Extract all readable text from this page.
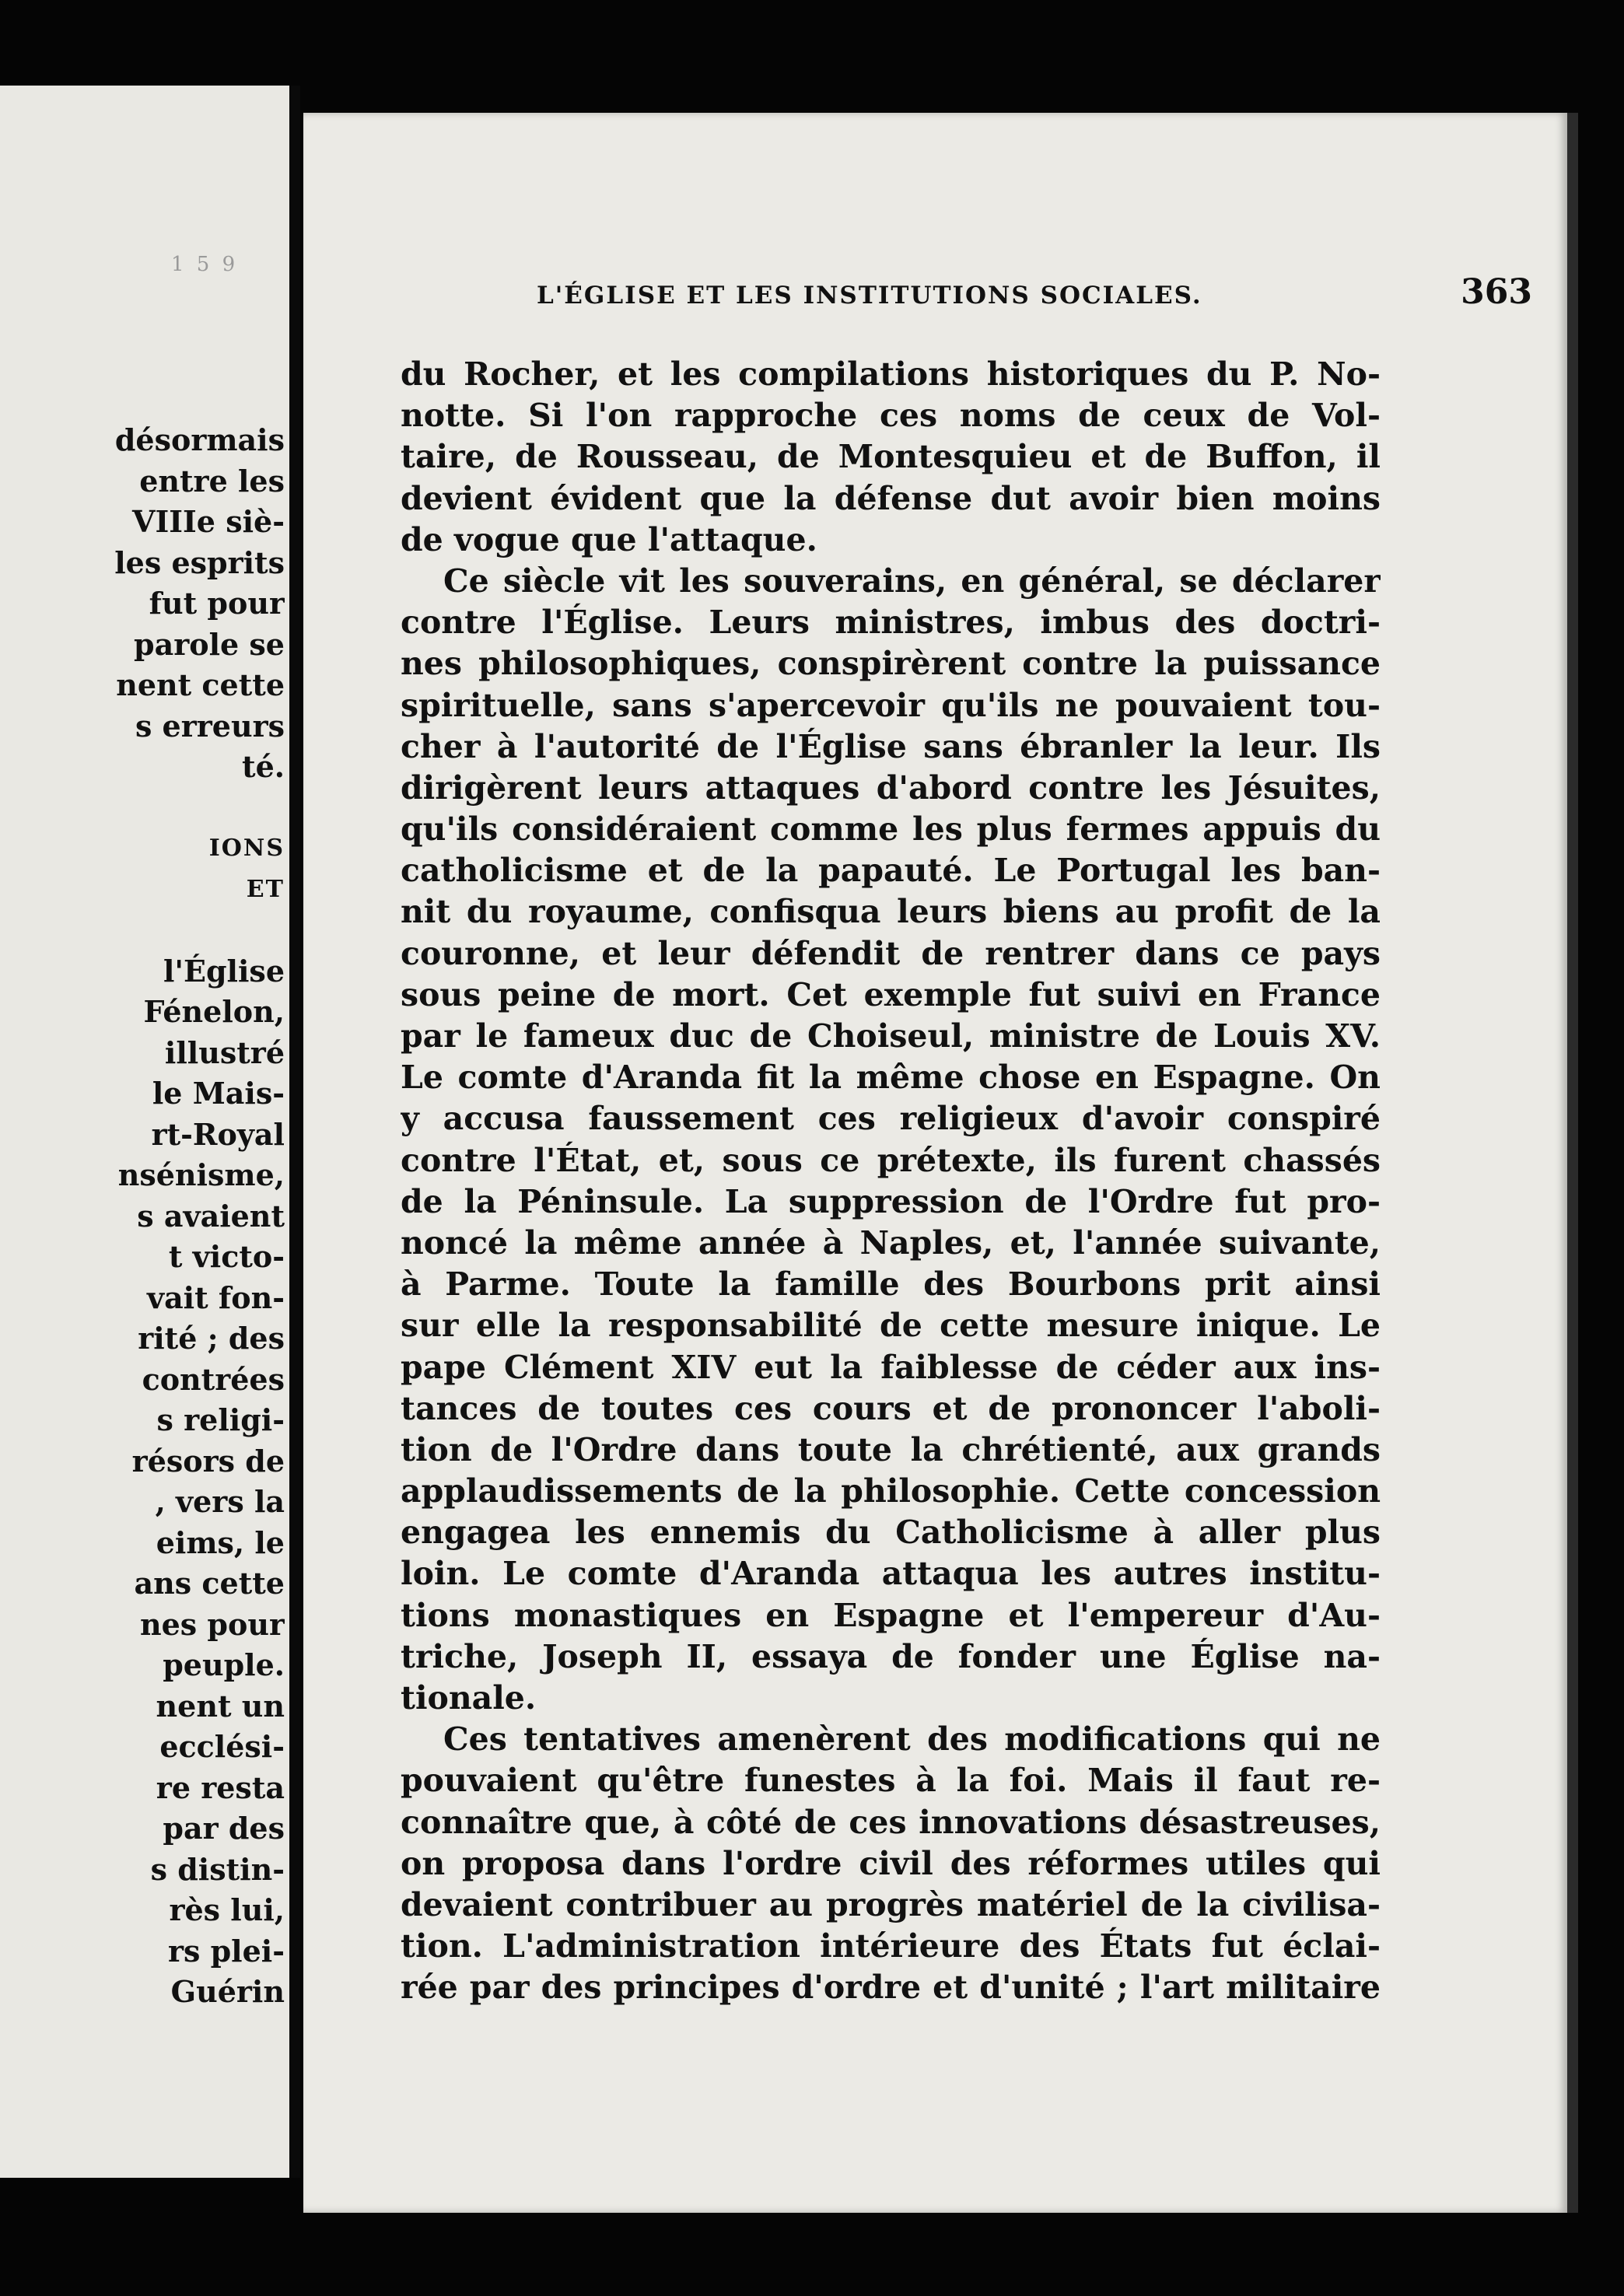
1 5 9
désormais
entre les
VIIIe siè-
les esprits
fut pour
parole se
nent cette
s erreurs
té.
IONS
ET
l'Église
Fénelon,
illustré
le Mais-
rt-Royal
nsénisme,
s avaient
t victo-
vait fon-
rité ; des
contrées
s religi-
résors de
, vers la
eims, le
ans cette
nes pour
peuple.
nent un
ecclési-
re resta
par des
s distin-
rès lui,
rs plei-
Guérin
L'ÉGLISE ET LES INSTITUTIONS SOCIALES.	363
du Rocher, et les compilations historiques du P. No-
notte. Si l'on rapproche ces noms de ceux de Vol-
taire, de Rousseau, de Montesquieu et de Buffon, il
devient évident que la défense dut avoir bien moins
de vogue que l'attaque.
Ce siècle vit les souverains, en général, se déclarer
contre l'Église. Leurs ministres, imbus des doctri-
nes philosophiques, conspirèrent contre la puissance
spirituelle, sans s'apercevoir qu'ils ne pouvaient tou-
cher à l'autorité de l'Église sans ébranler la leur. Ils
dirigèrent leurs attaques d'abord contre les Jésuites,
qu'ils considéraient comme les plus fermes appuis du
catholicisme et de la papauté. Le Portugal les ban-
nit du royaume, confisqua leurs biens au profit de la
couronne, et leur défendit de rentrer dans ce pays
sous peine de mort. Cet exemple fut suivi en France
par le fameux duc de Choiseul, ministre de Louis XV.
Le comte d'Aranda fit la même chose en Espagne. On
y accusa faussement ces religieux d'avoir conspiré
contre l'État, et, sous ce prétexte, ils furent chassés
de la Péninsule. La suppression de l'Ordre fut pro-
noncé la même année à Naples, et, l'année suivante,
à Parme. Toute la famille des Bourbons prit ainsi
sur elle la responsabilité de cette mesure inique. Le
pape Clément XIV eut la faiblesse de céder aux ins-
tances de toutes ces cours et de prononcer l'aboli-
tion de l'Ordre dans toute la chrétienté, aux grands
applaudissements de la philosophie. Cette concession
engagea les ennemis du Catholicisme à aller plus
loin. Le comte d'Aranda attaqua les autres institu-
tions monastiques en Espagne et l'empereur d'Au-
triche, Joseph II, essaya de fonder une Église na-
tionale.
Ces tentatives amenèrent des modifications qui ne
pouvaient qu'être funestes à la foi. Mais il faut re-
connaître que, à côté de ces innovations désastreuses,
on proposa dans l'ordre civil des réformes utiles qui
devaient contribuer au progrès matériel de la civilisa-
tion. L'administration intérieure des États fut éclai-
rée par des principes d'ordre et d'unité ; l'art militaire
